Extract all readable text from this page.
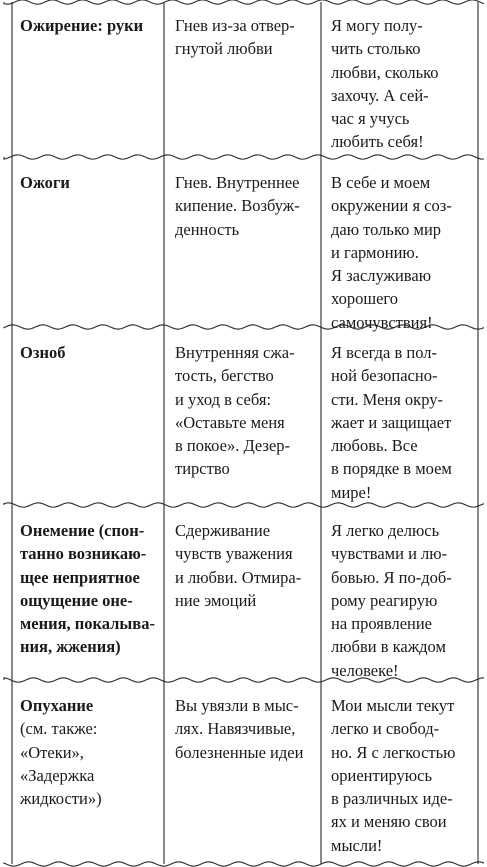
Ожирение: руки Гнев из-за отвер-
гнутой любви
Я могу полу-
чить столько
любви, сколько
захочу. А сей-
час я учусь
любить себя!
Ожоги	Гнев. Внутреннее
кипение. Возбуж-
денность
В себе и моем
окружении я соз-
даю только мир
и гармонию.
Я заслуживаю
хорошего
самочувствия!
Озноб	Внутренняя сжа-
тость, бегство
и уход в себя:
«Оставьте меня
в покое». Дезер-
тирство
Я всегда в пол-
ной безопасно-
сти. Меня окру-
жает и защищает
любовь. Все
в порядке в моем
мире!
Онемение (спон-
танно возникаю-
щее неприятное
ощущение оне-
мения, покалыва-
ния, жжения)
Сдерживание
чувств уважения
и любви. Отмира-
ние эмоций
Я легко делюсь
чувствами и лю-
бовью. Я по-доб-
рому реагирую
на проявление
любви в каждом
человеке!
Опухание
(см. также:
«Отеки»,
«Задержка
жидкости»)
Вы увязли в мыс-
лях. Навязчивые,
болезненные идеи
Мои мысли текут
легко и свобод-
но. Я с легкостью
ориентируюсь
в различных иде-
ях и меняю свои
мысли!
